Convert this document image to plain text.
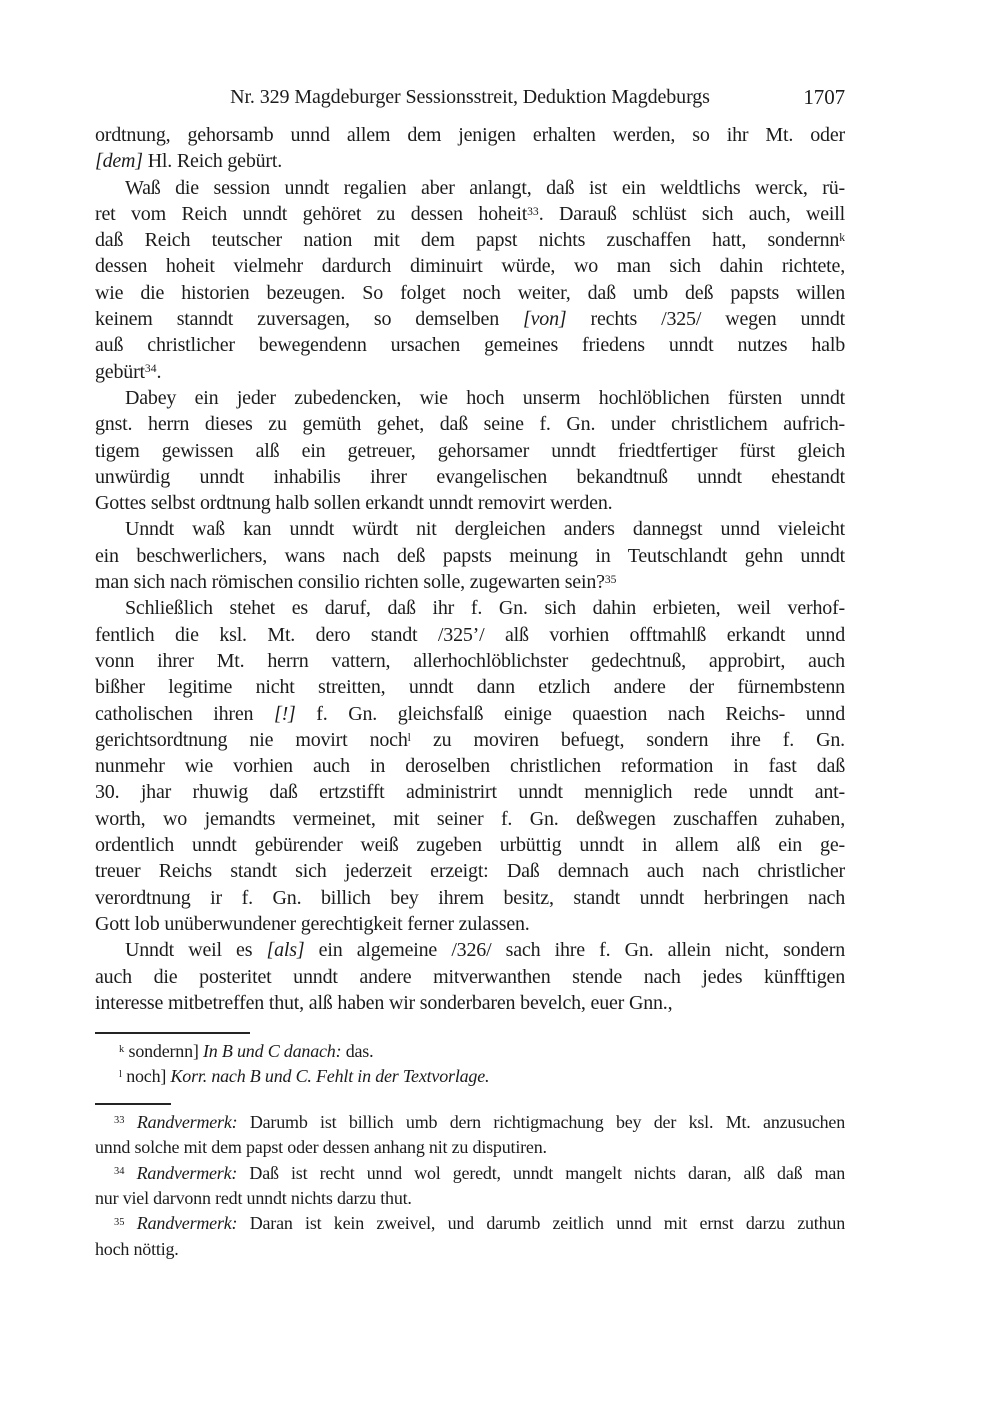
Nr. 329 Magdeburger Sessionsstreit, Deduktion Magdeburgs	1707
ordtnung, gehorsamb unnd allem dem jenigen erhalten werden, so ihr Mt. oder
[dem] Hl. Reich gebürt.
Waß die session unndt regalien aber anlangt, daß ist ein weldtlichs werck, rü-
ret vom Reich unndt gehöret zu dessen hoheit$^{33}$. Darauß schlüst sich auch, weill
daß Reich teutscher nation mit dem papst nichts zuschaffen hatt, sondernn$^k$
dessen hoheit vielmehr dardurch diminuirt würde, wo man sich dahin richtete,
wie die historien bezeugen. So folget noch weiter, daß umb deß papsts willen
keinem stanndt zuversagen, so demselben [von] rechts /325/ wegen unndt
auß christlicher bewegendenn ursachen gemeines friedens unndt nutzes halb
gebürt$^{34}$.
Dabey ein jeder zubedencken, wie hoch unserm hochlöblichen fürsten unndt
gnst. herrn dieses zu gemüth gehet, daß seine f. Gn. under christlichem aufrich-
tigem gewissen alß ein getreuer, gehorsamer unndt friedtfertiger fürst gleich
unwürdig unndt inhabilis ihrer evangelischen bekandtnuß unndt ehestandt
Gottes selbst ordtnung halb sollen erkandt unndt removirt werden.
Unndt waß kan unndt würdt nit dergleichen anders dannegst unnd vieleicht
ein beschwerlichers, wans nach deß papsts meinung in Teutschlandt gehn unndt
man sich nach römischen consilio richten solle, zugewarten sein?$^{35}$
Schließlich stehet es daruf, daß ihr f. Gn. sich dahin erbieten, weil verhof-
fentlich die ksl. Mt. dero standt /325’/ alß vorhien offtmahlß erkandt unnd
vonn ihrer Mt. herrn vattern, allerhochlöblichster gedechtnuß, approbirt, auch
bißher legitime nicht streitten, unndt dann etzlich andere der fürnembstenn
catholischen ihren [!] f. Gn. gleichsfalß einige quaestion nach Reichs- unnd
gerichtsordtnung nie movirt noch$^l$ zu moviren befuegt, sondern ihre f. Gn.
nunmehr wie vorhien auch in deroselben christlichen reformation in fast daß
30. jhar rhuwig daß ertzstifft administrirt unndt menniglich rede unndt ant-
worth, wo jemandts vermeinet, mit seiner f. Gn. deßwegen zuschaffen zuhaben,
ordentlich unndt gebürender weiß zugeben urbüttig unndt in allem alß ein ge-
treuer Reichs standt sich jederzeit erzeigt: Daß demnach auch nach christlicher
verordtnung ir f. Gn. billich bey ihrem besitz, standt unndt herbringen nach
Gott lob unüberwundener gerechtigkeit ferner zulassen.
Unndt weil es [als] ein algemeine /326/ sach ihre f. Gn. allein nicht, sondern
auch die posteritet unndt andere mitverwanthen stende nach jedes künfftigen
interesse mitbetreffen thut, alß haben wir sonderbaren bevelch, euer Gnn.,
$^k$ sondernn] In B und C danach: das.
$^l$ noch] Korr. nach B und C. Fehlt in der Textvorlage.
$^{33}$ Randvermerk: Darumb ist billich umb dern richtigmachung bey der ksl. Mt. anzusuchen
unnd solche mit dem papst oder dessen anhang nit zu disputiren.
$^{34}$ Randvermerk: Daß ist recht unnd wol geredt, unndt mangelt nichts daran, alß daß man
nur viel darvonn redt unndt nichts darzu thut.
$^{35}$ Randvermerk: Daran ist kein zweivel, und darumb zeitlich unnd mit ernst darzu zuthun
hoch nöttig.
